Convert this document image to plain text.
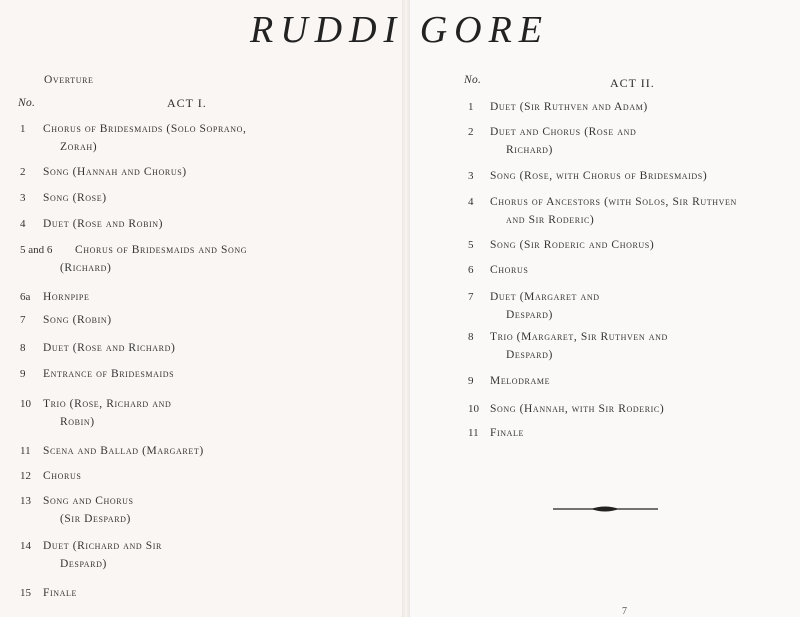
RUDDI GORE
Overture
No.	ACT I.
1 Chorus of Bridesmaids (Solo Soprano,
Zorah)
2 Song (Hannah and Chorus)
3 Song (Rose)
4 Duet (Rose and Robin)
5 and 6 Chorus of Bridesmaids and Song
(Richard)
6a Hornpipe
7 Song (Robin)
8 Duet (Rose and Richard)
9 Entrance of Bridesmaids
10 Trio (Rose, Richard and
Robin)
11 Scena and Ballad (Margaret)
12 Chorus
13 Song and Chorus
(Sir Despard)
14 Duet (Richard and Sir
Despard)
15 Finale
No.	ACT II.
1 Duet (Sir Ruthven and Adam)
2 Duet and Chorus (Rose and
Richard)
3 Song (Rose, with Chorus of Bridesmaids)
4 Chorus of Ancestors (with Solos, Sir Ruthven
and Sir Roderic)
5 Song (Sir Roderic and Chorus)
6 Chorus
7 Duet (Margaret and
Despard)
8 Trio (Margaret, Sir Ruthven and
Despard)
9 Melodrame
10 Song (Hannah, with Sir Roderic)
11 Finale
7
